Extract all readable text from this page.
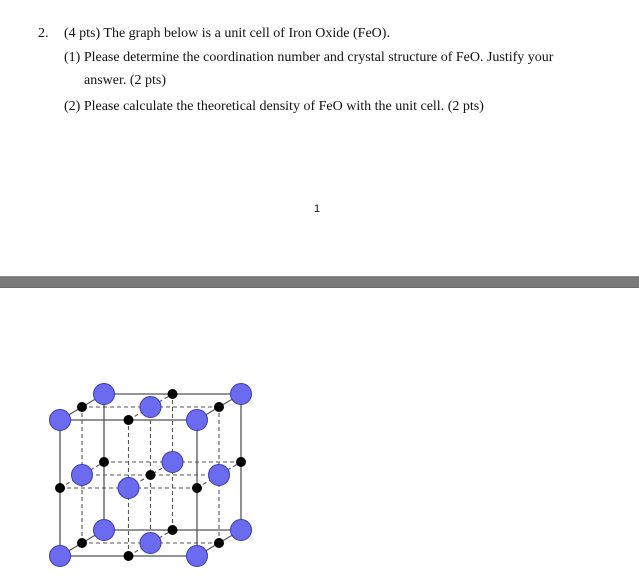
2. (4 pts) The graph below is a unit cell of Iron Oxide (FeO).
(1) Please determine the coordination number and crystal structure of FeO. Justify your
answer. (2 pts)
(2) Please calculate the theoretical density of FeO with the unit cell. (2 pts)
1
